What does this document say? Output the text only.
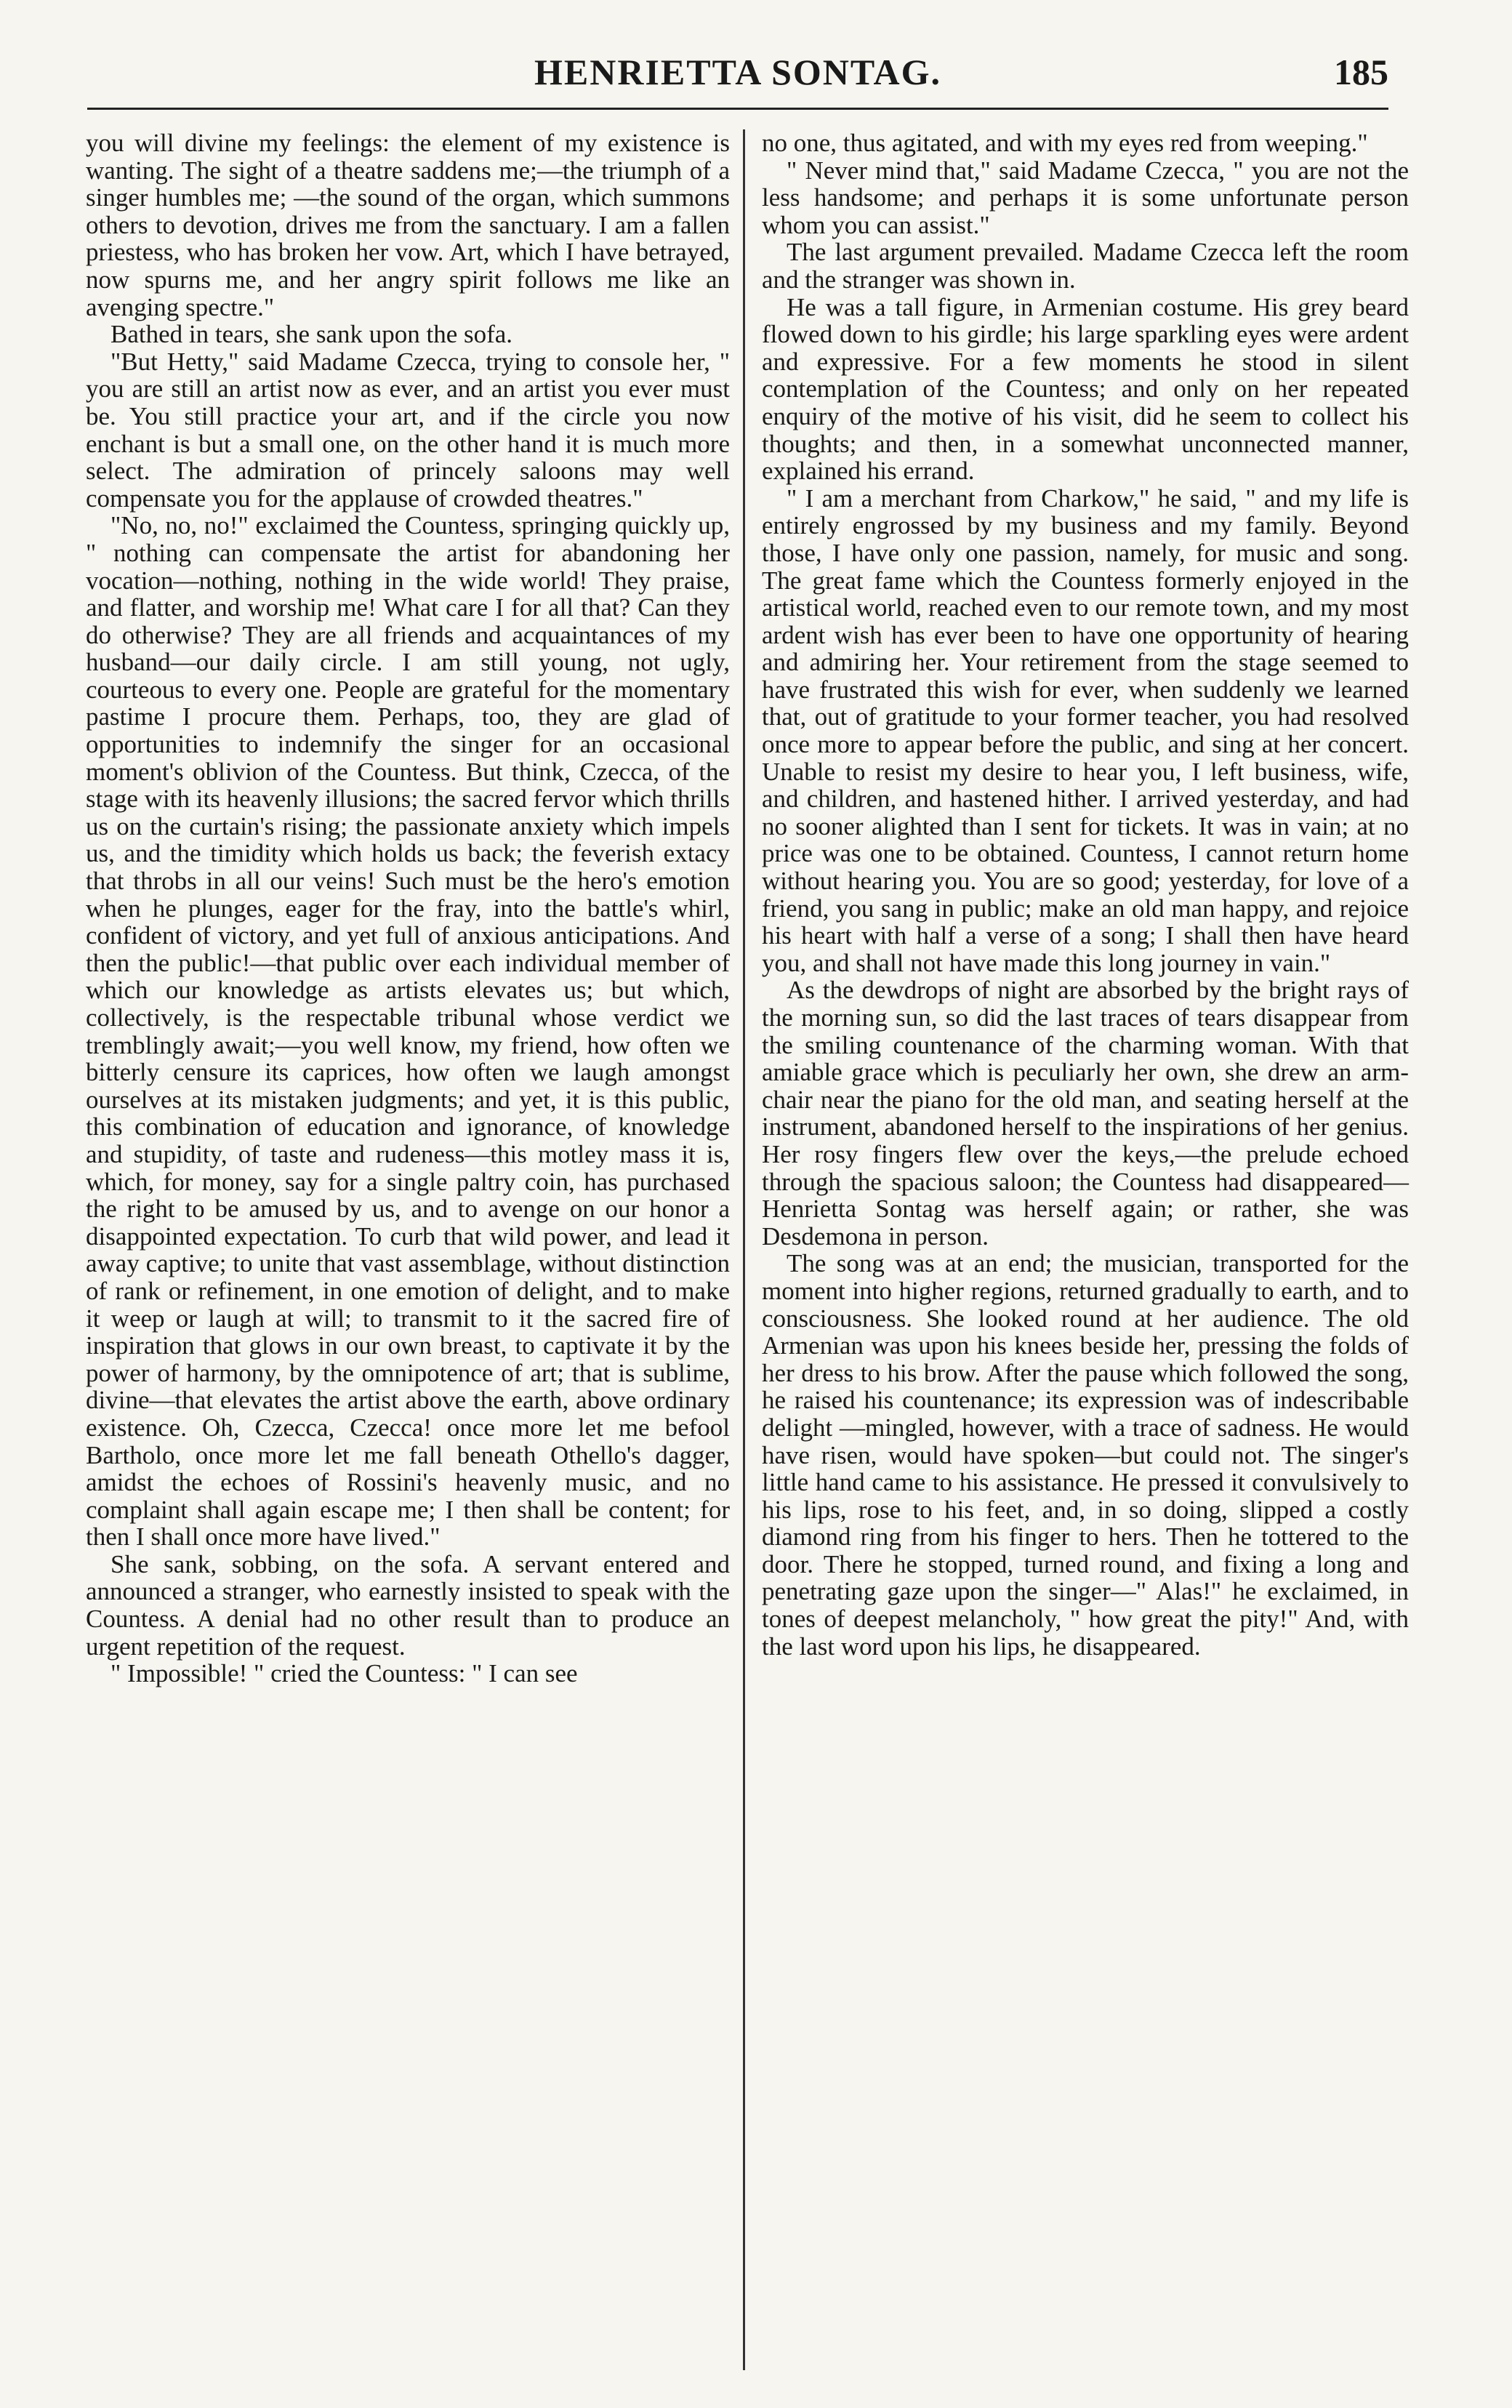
HENRIETTA SONTAG.	185

you will divine my feelings: the element of my existence is wanting. The sight of a theatre saddens me;—the triumph of a singer humbles me; —the sound of the organ, which summons others to devotion, drives me from the sanctuary. I am a fallen priestess, who has broken her vow. Art, which I have betrayed, now spurns me, and her angry spirit follows me like an avenging spectre."

Bathed in tears, she sank upon the sofa.

"But Hetty," said Madame Czecca, trying to console her, " you are still an artist now as ever, and an artist you ever must be. You still practice your art, and if the circle you now enchant is but a small one, on the other hand it is much more select. The admiration of princely saloons may well compensate you for the applause of crowded theatres."

"No, no, no!" exclaimed the Countess, springing quickly up, " nothing can compensate the artist for abandoning her vocation—nothing, nothing in the wide world! They praise, and flatter, and worship me! What care I for all that? Can they do otherwise? They are all friends and acquaintances of my husband—our daily circle. I am still young, not ugly, courteous to every one. People are grateful for the momentary pastime I procure them. Perhaps, too, they are glad of opportunities to indemnify the singer for an occasional moment's oblivion of the Countess. But think, Czecca, of the stage with its heavenly illusions; the sacred fervor which thrills us on the curtain's rising; the passionate anxiety which impels us, and the timidity which holds us back; the feverish extacy that throbs in all our veins! Such must be the hero's emotion when he plunges, eager for the fray, into the battle's whirl, confident of victory, and yet full of anxious anticipations. And then the public!—that public over each individual member of which our knowledge as artists elevates us; but which, collectively, is the respectable tribunal whose verdict we tremblingly await;—you well know, my friend, how often we bitterly censure its caprices, how often we laugh amongst ourselves at its mistaken judgments; and yet, it is this public, this combination of education and ignorance, of knowledge and stupidity, of taste and rudeness—this motley mass it is, which, for money, say for a single paltry coin, has purchased the right to be amused by us, and to avenge on our honor a disappointed expectation. To curb that wild power, and lead it away captive; to unite that vast assemblage, without distinction of rank or refinement, in one emotion of delight, and to make it weep or laugh at will; to transmit to it the sacred fire of inspiration that glows in our own breast, to captivate it by the power of harmony, by the omnipotence of art; that is sublime, divine—that elevates the artist above the earth, above ordinary existence. Oh, Czecca, Czecca! once more let me befool Bartholo, once more let me fall beneath Othello's dagger, amidst the echoes of Rossini's heavenly music, and no complaint shall again escape me; I then shall be content; for then I shall once more have lived."

She sank, sobbing, on the sofa. A servant entered and announced a stranger, who earnestly insisted to speak with the Countess. A denial had no other result than to produce an urgent repetition of the request.

" Impossible! " cried the Countess: " I can see

no one, thus agitated, and with my eyes red from weeping."

" Never mind that," said Madame Czecca, " you are not the less handsome; and perhaps it is some unfortunate person whom you can assist."

The last argument prevailed. Madame Czecca left the room and the stranger was shown in.

He was a tall figure, in Armenian costume. His grey beard flowed down to his girdle; his large sparkling eyes were ardent and expressive. For a few moments he stood in silent contemplation of the Countess; and only on her repeated enquiry of the motive of his visit, did he seem to collect his thoughts; and then, in a somewhat unconnected manner, explained his errand.

" I am a merchant from Charkow," he said, " and my life is entirely engrossed by my business and my family. Beyond those, I have only one passion, namely, for music and song. The great fame which the Countess formerly enjoyed in the artistical world, reached even to our remote town, and my most ardent wish has ever been to have one opportunity of hearing and admiring her. Your retirement from the stage seemed to have frustrated this wish for ever, when suddenly we learned that, out of gratitude to your former teacher, you had resolved once more to appear before the public, and sing at her concert. Unable to resist my desire to hear you, I left business, wife, and children, and hastened hither. I arrived yesterday, and had no sooner alighted than I sent for tickets. It was in vain; at no price was one to be obtained. Countess, I cannot return home without hearing you. You are so good; yesterday, for love of a friend, you sang in public; make an old man happy, and rejoice his heart with half a verse of a song; I shall then have heard you, and shall not have made this long journey in vain."

As the dewdrops of night are absorbed by the bright rays of the morning sun, so did the last traces of tears disappear from the smiling countenance of the charming woman. With that amiable grace which is peculiarly her own, she drew an arm-chair near the piano for the old man, and seating herself at the instrument, abandoned herself to the inspirations of her genius. Her rosy fingers flew over the keys,—the prelude echoed through the spacious saloon; the Countess had disappeared—Henrietta Sontag was herself again; or rather, she was Desdemona in person.

The song was at an end; the musician, transported for the moment into higher regions, returned gradually to earth, and to consciousness. She looked round at her audience. The old Armenian was upon his knees beside her, pressing the folds of her dress to his brow. After the pause which followed the song, he raised his countenance; its expression was of indescribable delight —mingled, however, with a trace of sadness. He would have risen, would have spoken—but could not. The singer's little hand came to his assistance. He pressed it convulsively to his lips, rose to his feet, and, in so doing, slipped a costly diamond ring from his finger to hers. Then he tottered to the door. There he stopped, turned round, and fixing a long and penetrating gaze upon the singer—" Alas!" he exclaimed, in tones of deepest melancholy, " how great the pity!" And, with the last word upon his lips, he disappeared.
